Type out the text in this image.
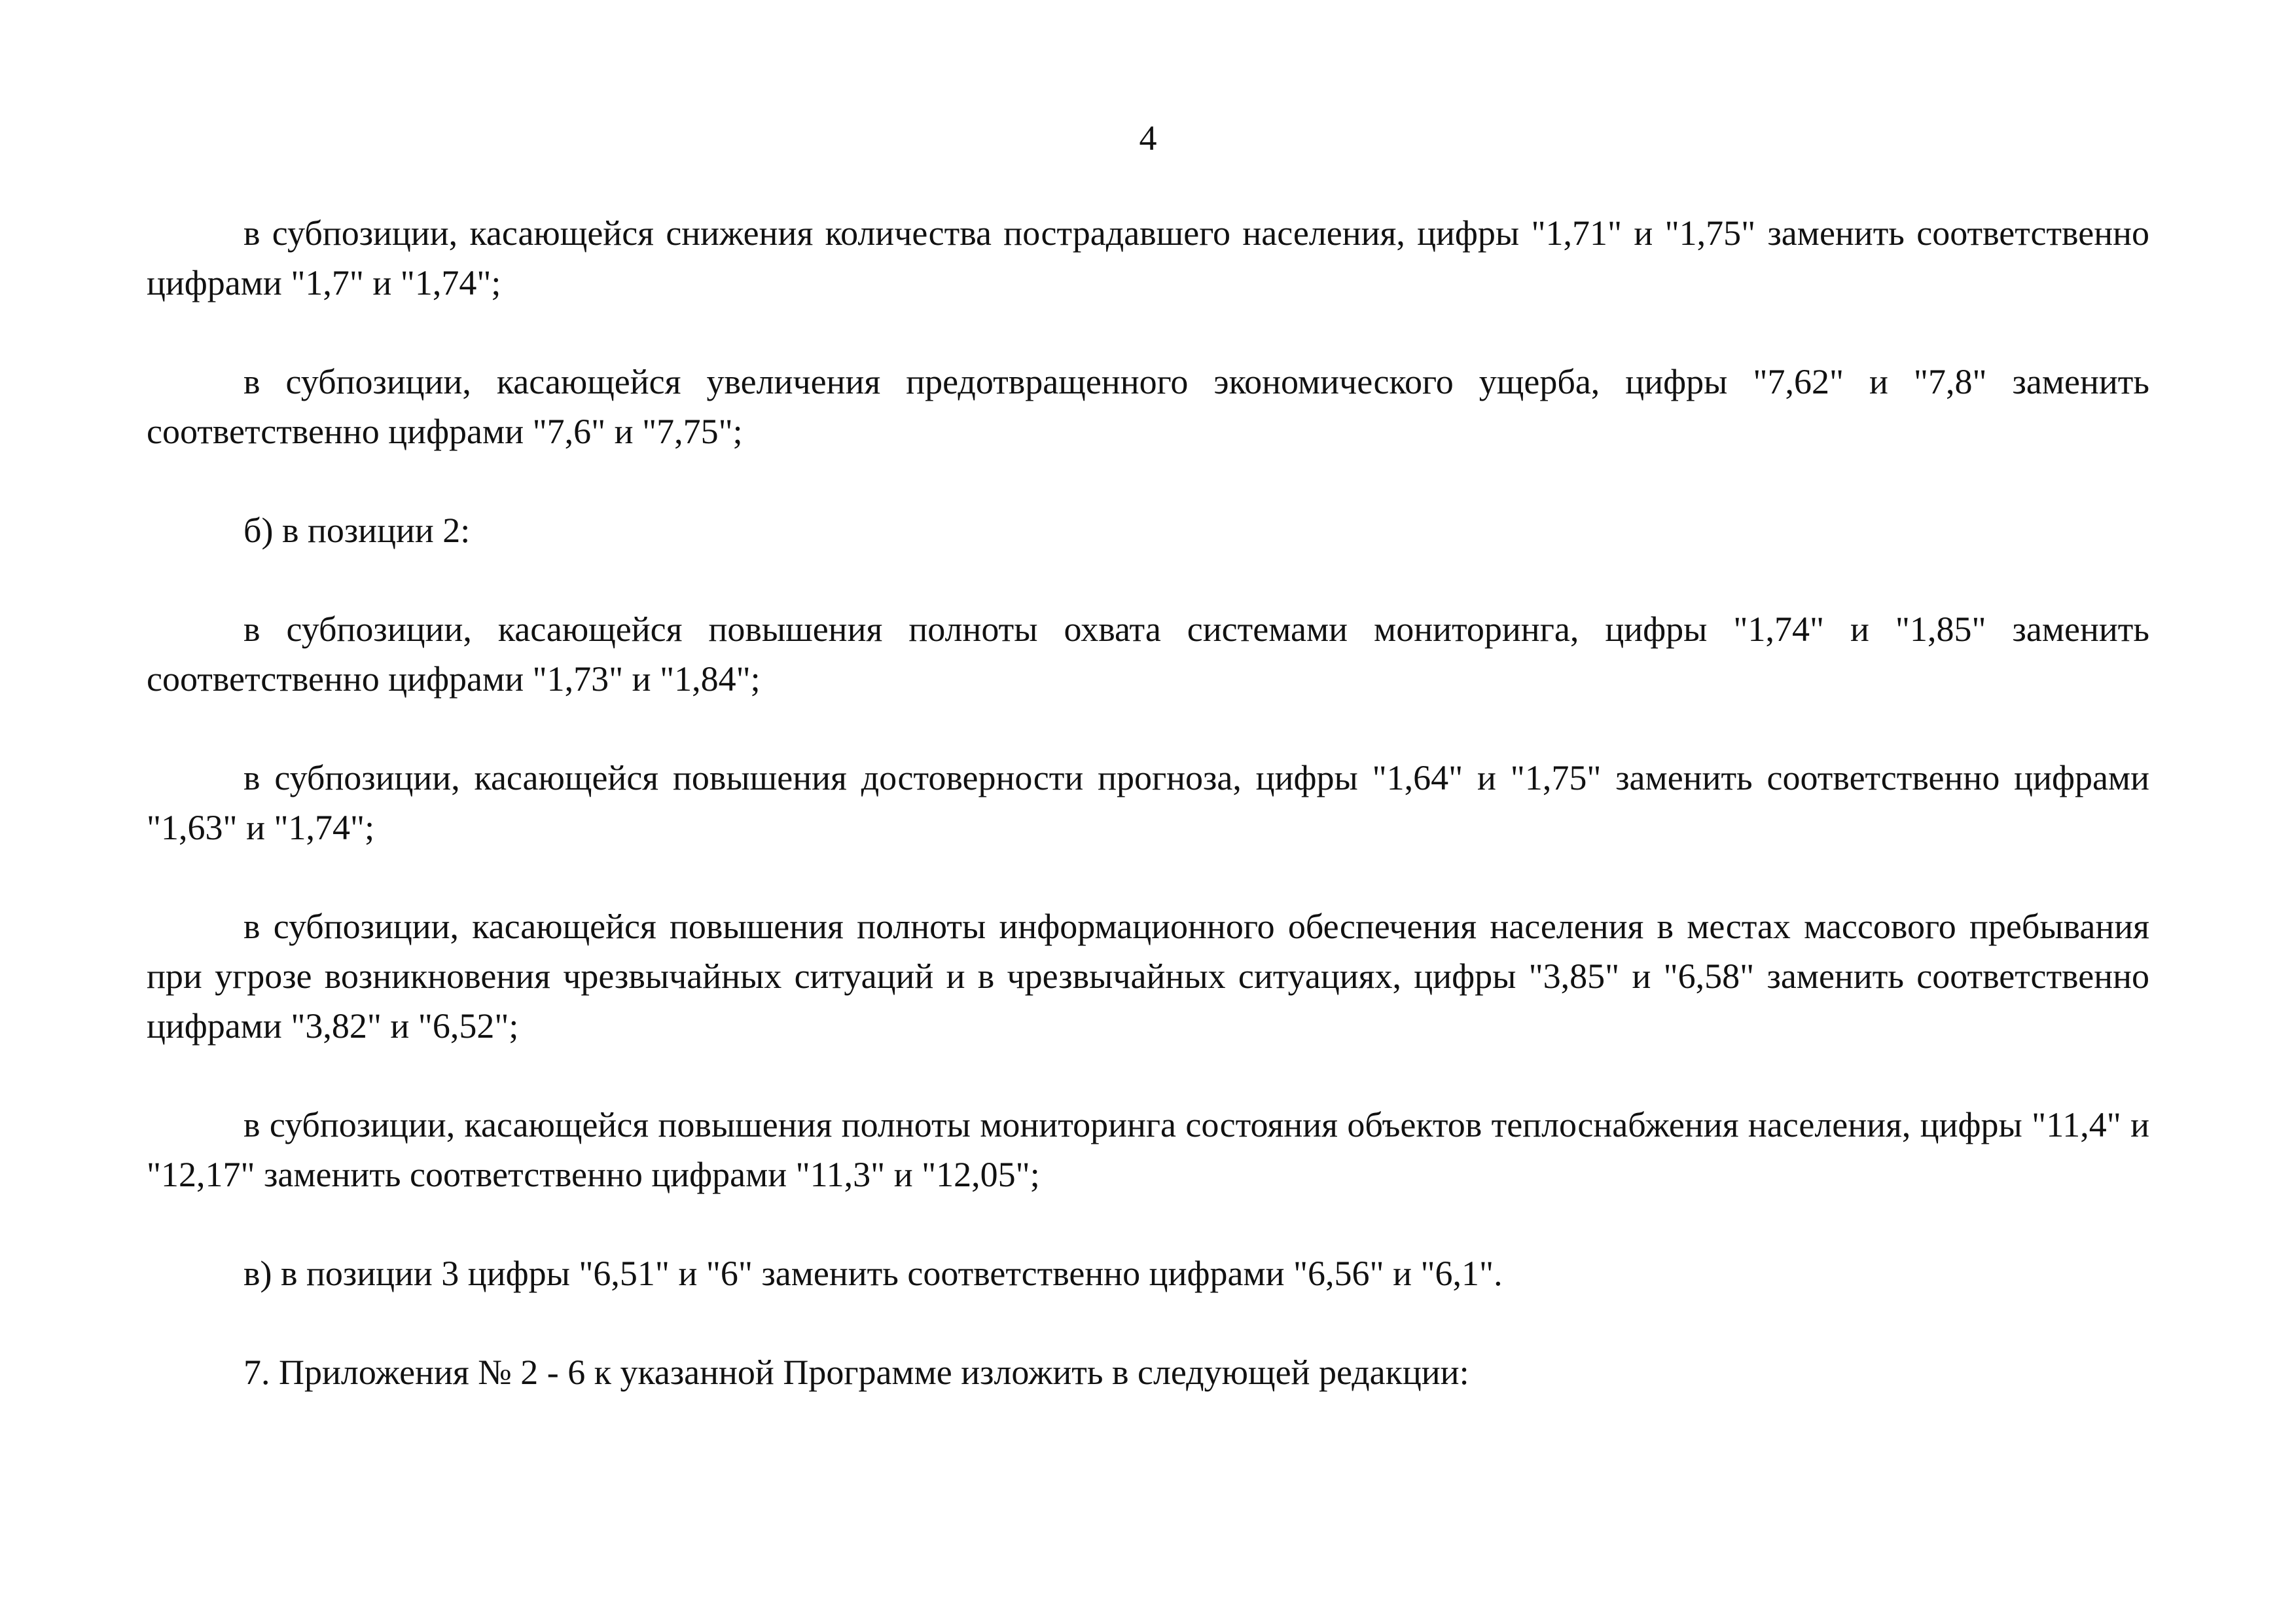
4

в субпозиции, касающейся снижения количества пострадавшего населения, цифры "1,71" и "1,75" заменить соответственно цифрами "1,7" и "1,74";

в субпозиции, касающейся увеличения предотвращенного экономического ущерба, цифры "7,62" и "7,8" заменить соответственно цифрами "7,6" и "7,75";

б) в позиции 2:

в субпозиции, касающейся повышения полноты охвата системами мониторинга, цифры "1,74" и "1,85" заменить соответственно цифрами "1,73" и "1,84";

в субпозиции, касающейся повышения достоверности прогноза, цифры "1,64" и "1,75" заменить соответственно цифрами "1,63" и "1,74";

в субпозиции, касающейся повышения полноты информационного обеспечения населения в местах массового пребывания при угрозе возникновения чрезвычайных ситуаций и в чрезвычайных ситуациях, цифры "3,85" и "6,58" заменить соответственно цифрами "3,82" и "6,52";

в субпозиции, касающейся повышения полноты мониторинга состояния объектов теплоснабжения населения, цифры "11,4" и "12,17" заменить соответственно цифрами "11,3" и "12,05";

в) в позиции 3 цифры "6,51" и "6" заменить соответственно цифрами "6,56" и "6,1".

7. Приложения № 2 - 6 к указанной Программе изложить в следующей редакции:
